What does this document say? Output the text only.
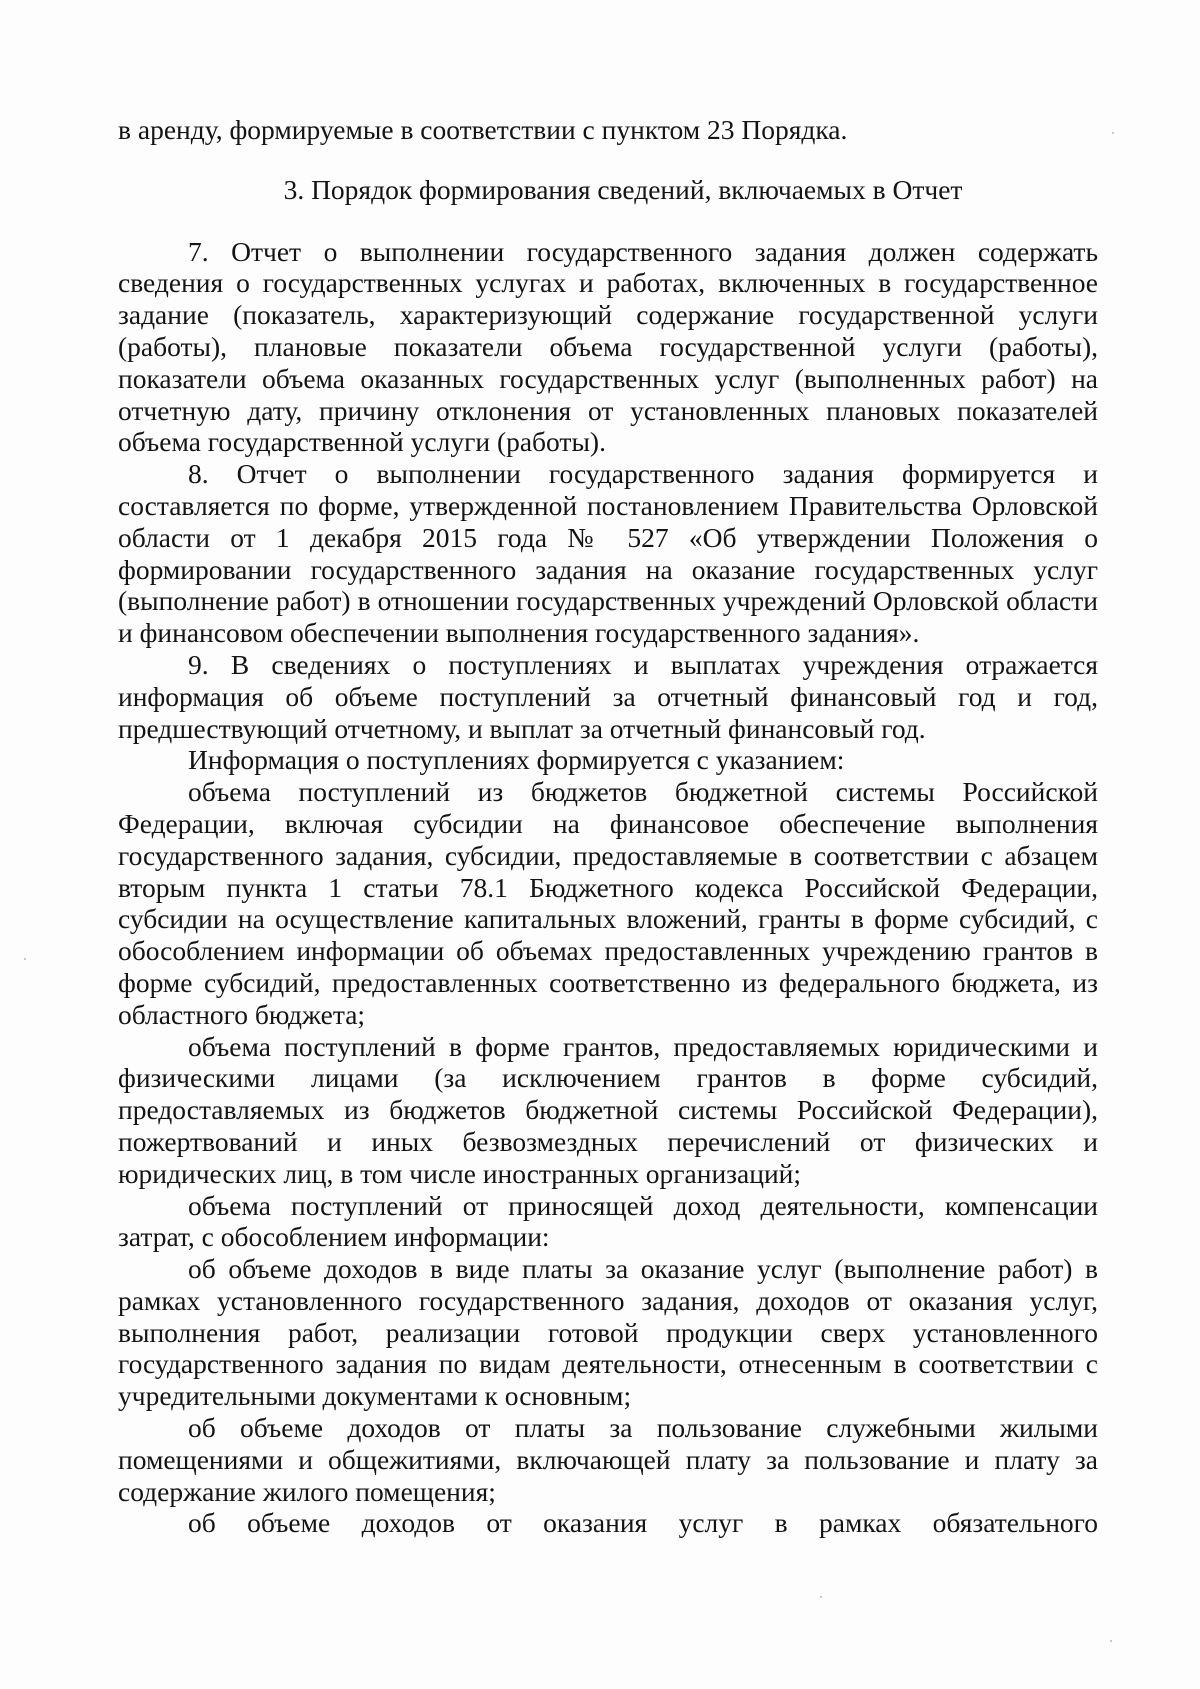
в аренду, формируемые в соответствии с пунктом 23 Порядка.

3. Порядок формирования сведений, включаемых в Отчет

7. Отчет о выполнении государственного задания должен содержать сведения о государственных услугах и работах, включенных в государственное задание (показатель, характеризующий содержание государственной услуги (работы), плановые показатели объема государственной услуги (работы), показатели объема оказанных государственных услуг (выполненных работ) на отчетную дату, причину отклонения от установленных плановых показателей объема государственной услуги (работы).

8. Отчет о выполнении государственного задания формируется и составляется по форме, утвержденной постановлением Правительства Орловской области от 1 декабря 2015 года № 527 «Об утверждении Положения о формировании государственного задания на оказание государственных услуг (выполнение работ) в отношении государственных учреждений Орловской области и финансовом обеспечении выполнения государственного задания».

9. В сведениях о поступлениях и выплатах учреждения отражается информация об объеме поступлений за отчетный финансовый год и год, предшествующий отчетному, и выплат за отчетный финансовый год.

Информация о поступлениях формируется с указанием:

объема поступлений из бюджетов бюджетной системы Российской Федерации, включая субсидии на финансовое обеспечение выполнения государственного задания, субсидии, предоставляемые в соответствии с абзацем вторым пункта 1 статьи 78.1 Бюджетного кодекса Российской Федерации, субсидии на осуществление капитальных вложений, гранты в форме субсидий, с обособлением информации об объемах предоставленных учреждению грантов в форме субсидий, предоставленных соответственно из федерального бюджета, из областного бюджета;

объема поступлений в форме грантов, предоставляемых юридическими и физическими лицами (за исключением грантов в форме субсидий, предоставляемых из бюджетов бюджетной системы Российской Федерации), пожертвований и иных безвозмездных перечислений от физических и юридических лиц, в том числе иностранных организаций;

объема поступлений от приносящей доход деятельности, компенсации затрат, с обособлением информации:

об объеме доходов в виде платы за оказание услуг (выполнение работ) в рамках установленного государственного задания, доходов от оказания услуг, выполнения работ, реализации готовой продукции сверх установленного государственного задания по видам деятельности, отнесенным в соответствии с учредительными документами к основным;

об объеме доходов от платы за пользование служебными жилыми помещениями и общежитиями, включающей плату за пользование и плату за содержание жилого помещения;

об объеме доходов от оказания услуг в рамках обязательного
